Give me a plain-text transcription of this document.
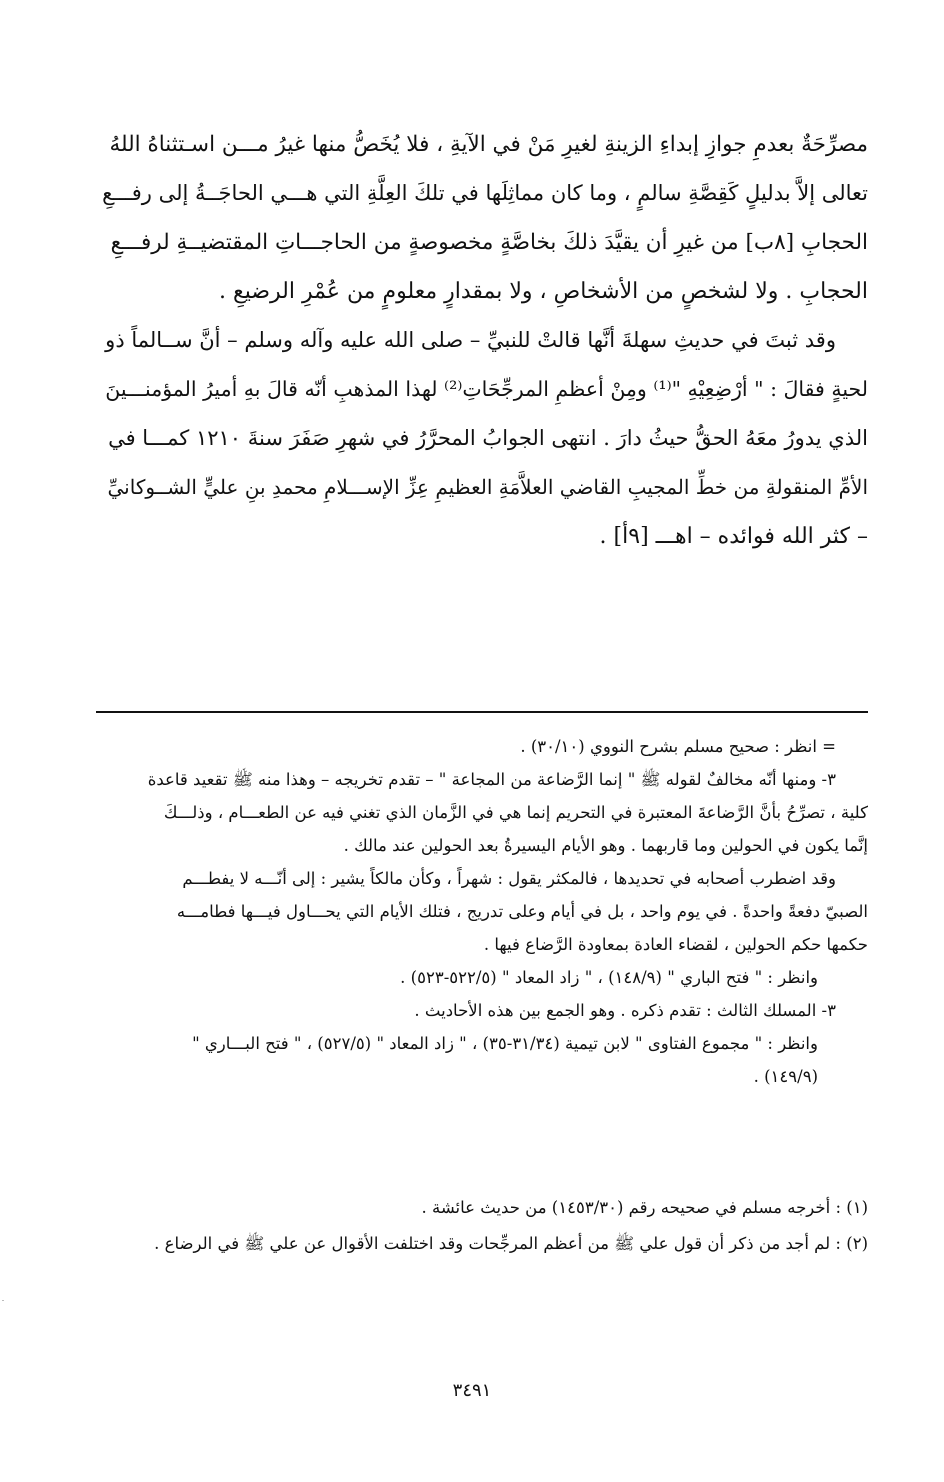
مصرِّحَةٌ بعدمِ جوازِ إبداءِ الزينةِ لغيرِ مَنْ في الآيةِ ، فلا يُخَصُّ منها غيرُ مـــن اسـتثناهُ اللهُ
تعالى إلاَّ بدليلٍ كَقِصَّةِ سالمٍ ، وما كان مماثِلَها في تلكَ العِلَّةِ التي هـــي الحاجَــةُ إلى رفـــعِ
الحجابِ [٨ب] من غيرِ أن يقيَّدَ ذلكَ بخاصَّةٍ مخصوصةٍ من الحاجـــاتِ المقتضيــةِ لرفـــعِ
الحجابِ . ولا لشخصٍ من الأشخاصِ ، ولا بمقدارٍ معلومٍ من عُمْرِ الرضيعِ .
وقد ثبتَ في حديثِ سهلةَ أنَّها قالتْ للنبيِّ – صلى الله عليه وآله وسلم – أنَّ ســالماً ذو
لحيةٍ فقالَ : " أرْضِعِيْهِ "⁽¹⁾ ومِنْ أعظمِ المرجِّحَاتِ⁽²⁾ لهذا المذهبِ أنّه قالَ بهِ أميرُ المؤمنـــينَ
الذي يدورُ معَهُ الحقُّ حيثُ دارَ . انتهى الجوابُ المحرَّرُ في شهرِ صَفَرَ سنةَ ١٢١٠ كمـــا في
الأمِّ المنقولةِ من خطِّ المجيبِ القاضي العلاَّمَةِ العظيمِ عِزِّ الإســـلامِ محمدِ بنِ عليٍّ الشــوكانيِّ
– كثر الله فوائده – اهـــ [٩أ] .
= انظر : صحيح مسلم بشرح النووي (٣٠/١٠) .
٣- ومنها أنّه مخالفٌ لقوله ﷺ " إنما الرَّضاعة من المجاعة " – تقدم تخريجه – وهذا منه ﷺ تقعيد قاعدة
كلية ، تصرِّحُ بأنَّ الرَّضاعةَ المعتبرة في التحريم إنما هي في الزَّمان الذي تغني فيه عن الطعـــام ، وذلـــكَ
إنَّما يكون في الحولين وما قاربهما . وهو الأيام اليسيرةُ بعد الحولين عند مالك .
وقد اضطرب أصحابه في تحديدها ، فالمكثر يقول : شهراً ، وكأن مالكاً يشير : إلى أنّـــه لا يفطـــم
الصبيّ دفعةً واحدةً . في يوم واحد ، بل في أيام وعلى تدريج ، فتلك الأيام التي يحـــاول فيـــها فطامـــه
حكمها حكم الحولين ، لقضاء العادة بمعاودة الرَّضاع فيها .
وانظر : " فتح الباري " (١٤٨/٩) ، " زاد المعاد " (٥٢٢/٥-٥٢٣) .
٣- المسلك الثالث : تقدم ذكره . وهو الجمع بين هذه الأحاديث .
وانظر : " مجموع الفتاوى " لابن تيمية (٣١/٣٤-٣٥) ، " زاد المعاد " (٥٢٧/٥) ، " فتح البـــاري "
(١٤٩/٩) .
(١) : أخرجه مسلم في صحيحه رقم (١٤٥٣/٣٠) من حديث عائشة .
(٢) : لم أجد من ذكر أن قول علي ﷺ من أعظم المرجِّحات وقد اختلفت الأقوال عن علي ﷺ في الرضاع .
٣٤٩١
